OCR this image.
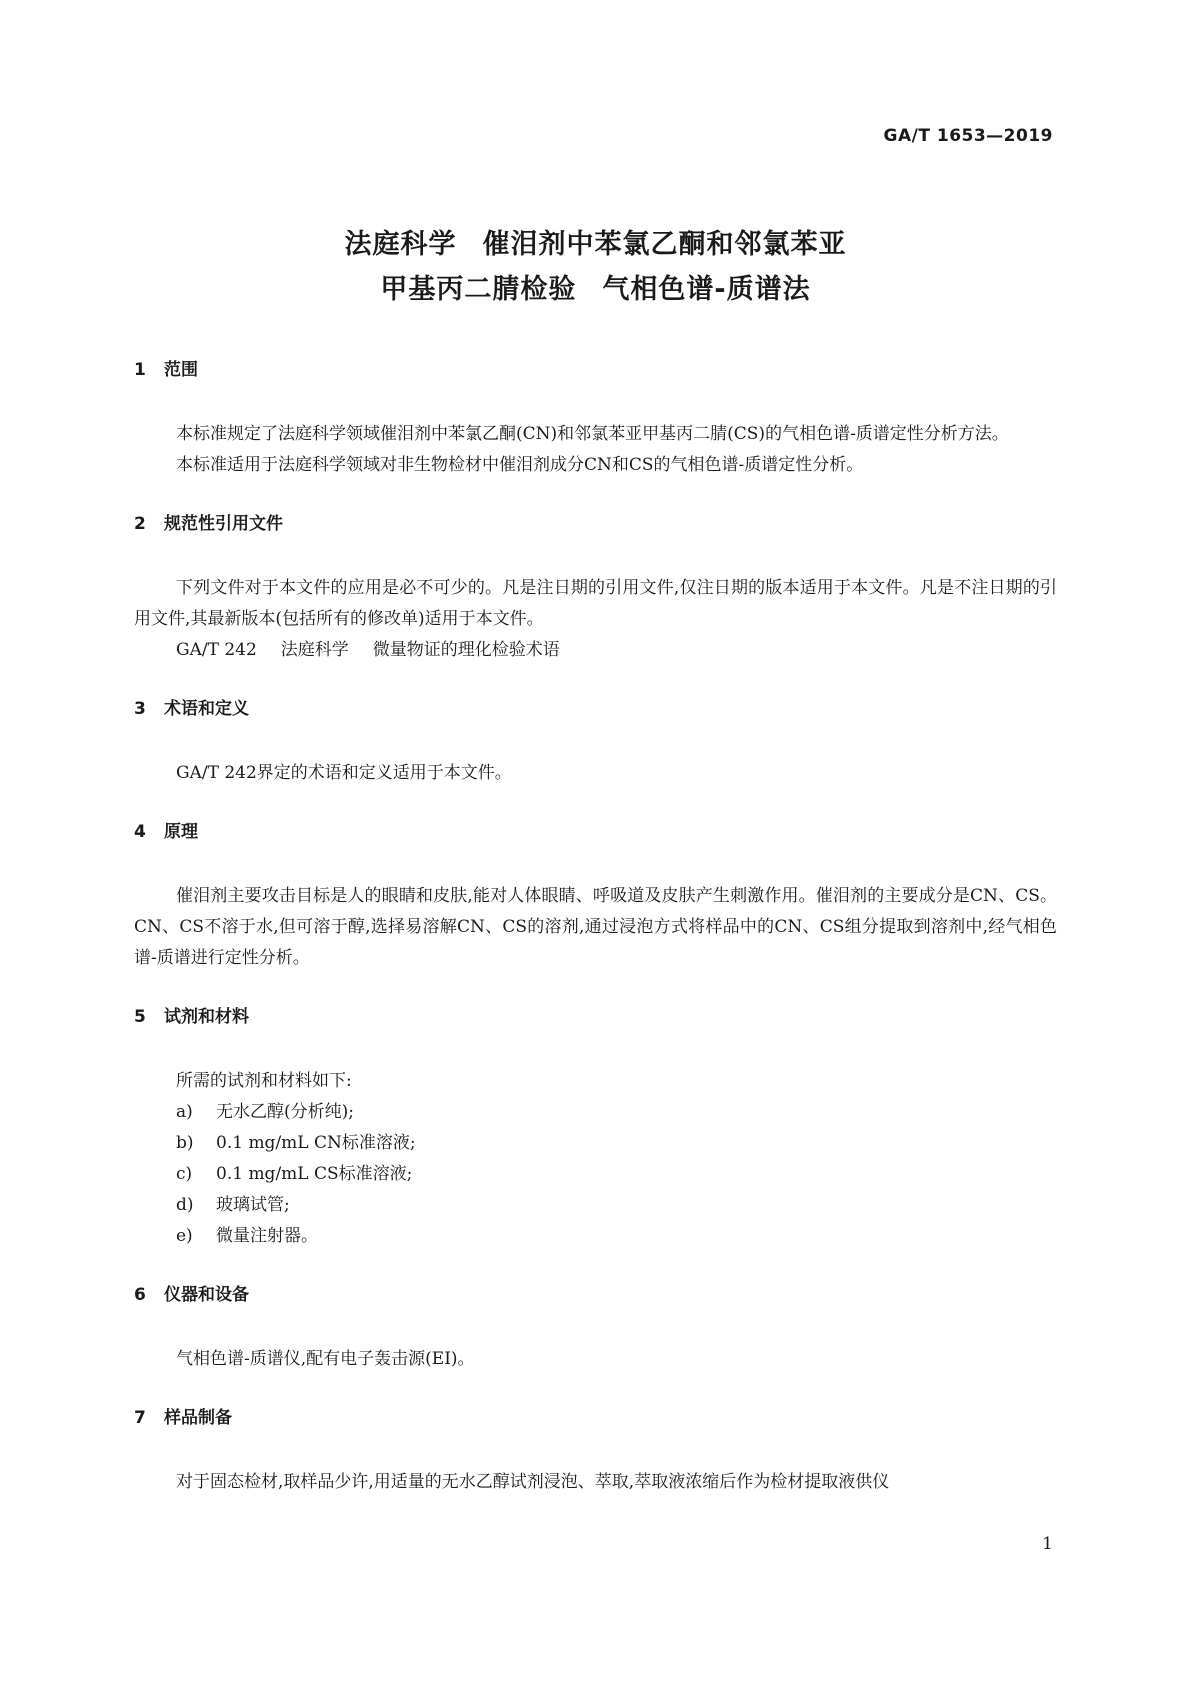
GA/T 1653—2019
法庭科学 催泪剂中苯氯乙酮和邻氯苯亚
甲基丙二腈检验 气相色谱-质谱法
1 范围

本标准规定了法庭科学领域催泪剂中苯氯乙酮(CN)和邻氯苯亚甲基丙二腈(CS)的气相色谱-质谱定性分析方法。

本标准适用于法庭科学领域对非生物检材中催泪剂成分CN和CS的气相色谱-质谱定性分析。

2 规范性引用文件

下列文件对于本文件的应用是必不可少的。凡是注日期的引用文件,仅注日期的版本适用于本文件。凡是不注日期的引用文件,其最新版本(包括所有的修改单)适用于本文件。

GA/T 242 法庭科学 微量物证的理化检验术语

3 术语和定义

GA/T 242界定的术语和定义适用于本文件。

4 原理

催泪剂主要攻击目标是人的眼睛和皮肤,能对人体眼睛、呼吸道及皮肤产生刺激作用。催泪剂的主要成分是CN、CS。CN、CS不溶于水,但可溶于醇,选择易溶解CN、CS的溶剂,通过浸泡方式将样品中的CN、CS组分提取到溶剂中,经气相色谱-质谱进行定性分析。

5 试剂和材料

所需的试剂和材料如下:

a) 无水乙醇(分析纯);

b) 0.1 mg/mL CN标准溶液;

c) 0.1 mg/mL CS标准溶液;

d) 玻璃试管;

e) 微量注射器。

6 仪器和设备

气相色谱-质谱仪,配有电子轰击源(EI)。

7 样品制备

对于固态检材,取样品少许,用适量的无水乙醇试剂浸泡、萃取,萃取液浓缩后作为检材提取液供仪

1
